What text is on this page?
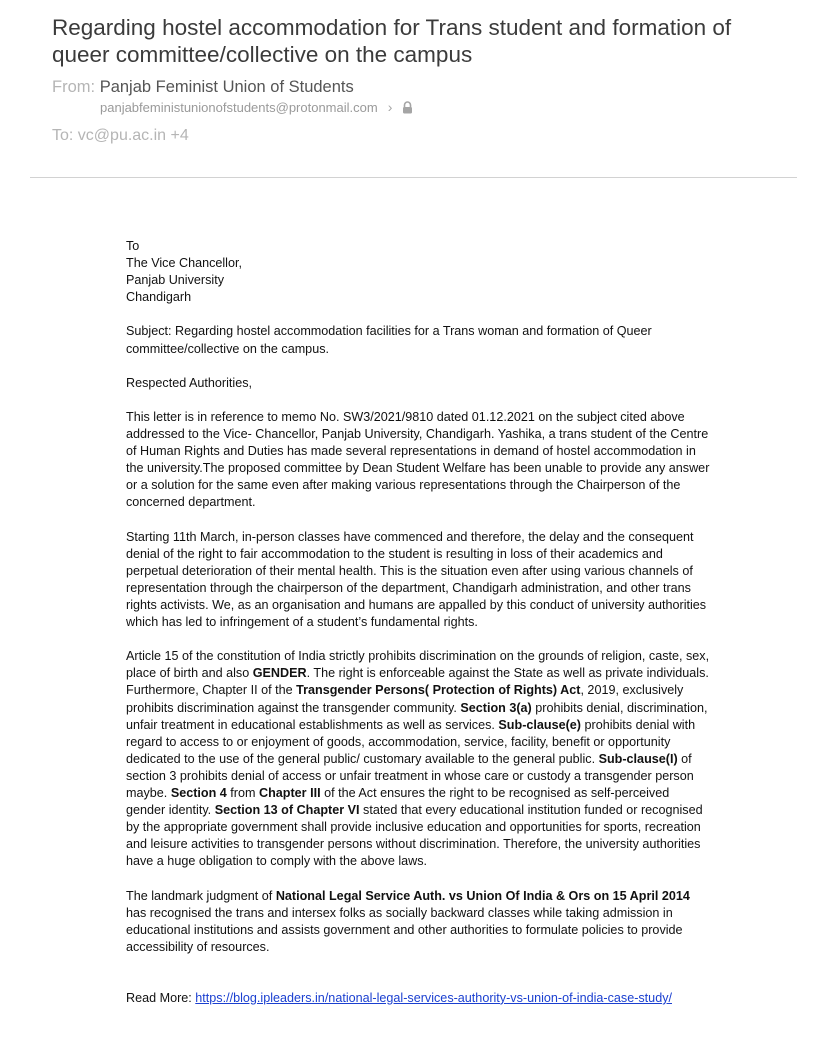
Regarding hostel accommodation for Trans student and formation of queer committee/collective on the campus
From: Panjab Feminist Union of Students
panjabfeministunionofstudents@protonmail.com ›
To: vc@pu.ac.in +4

To
The Vice Chancellor,
Panjab University
Chandigarh

Subject: Regarding hostel accommodation facilities for a Trans woman and formation of Queer committee/collective on the campus.

Respected Authorities,

This letter is in reference to memo No. SW3/2021/9810 dated 01.12.2021 on the subject cited above addressed to the Vice- Chancellor, Panjab University, Chandigarh. Yashika, a trans student of the Centre of Human Rights and Duties has made several representations in demand of hostel accommodation in the university.The proposed committee by Dean Student Welfare has been unable to provide any answer or a solution for the same even after making various representations through the Chairperson of the concerned department.

Starting 11th March, in-person classes have commenced and therefore, the delay and the consequent denial of the right to fair accommodation to the student is resulting in loss of their academics and perpetual deterioration of their mental health. This is the situation even after using various channels of representation through the chairperson of the department, Chandigarh administration, and other trans rights activists. We, as an organisation and humans are appalled by this conduct of university authorities which has led to infringement of a student’s fundamental rights.

Article 15 of the constitution of India strictly prohibits discrimination on the grounds of religion, caste, sex, place of birth and also GENDER. The right is enforceable against the State as well as private individuals. Furthermore, Chapter II of the Transgender Persons( Protection of Rights) Act, 2019, exclusively prohibits discrimination against the transgender community. Section 3(a) prohibits denial, discrimination, unfair treatment in educational establishments as well as services. Sub-clause(e) prohibits denial with regard to access to or enjoyment of goods, accommodation, service, facility, benefit or opportunity dedicated to the use of the general public/ customary available to the general public. Sub-clause(I) of section 3 prohibits denial of access or unfair treatment in whose care or custody a transgender person maybe. Section 4 from Chapter III of the Act ensures the right to be recognised as self-perceived gender identity. Section 13 of Chapter VI stated that every educational institution funded or recognised by the appropriate government shall provide inclusive education and opportunities for sports, recreation and leisure activities to transgender persons without discrimination. Therefore, the university authorities have a huge obligation to comply with the above laws.

The landmark judgment of National Legal Service Auth. vs Union Of India & Ors on 15 April 2014 has recognised the trans and intersex folks as socially backward classes while taking admission in educational institutions and assists government and other authorities to formulate policies to provide accessibility of resources.

Read More: https://blog.ipleaders.in/national-legal-services-authority-vs-union-of-india-case-study/
